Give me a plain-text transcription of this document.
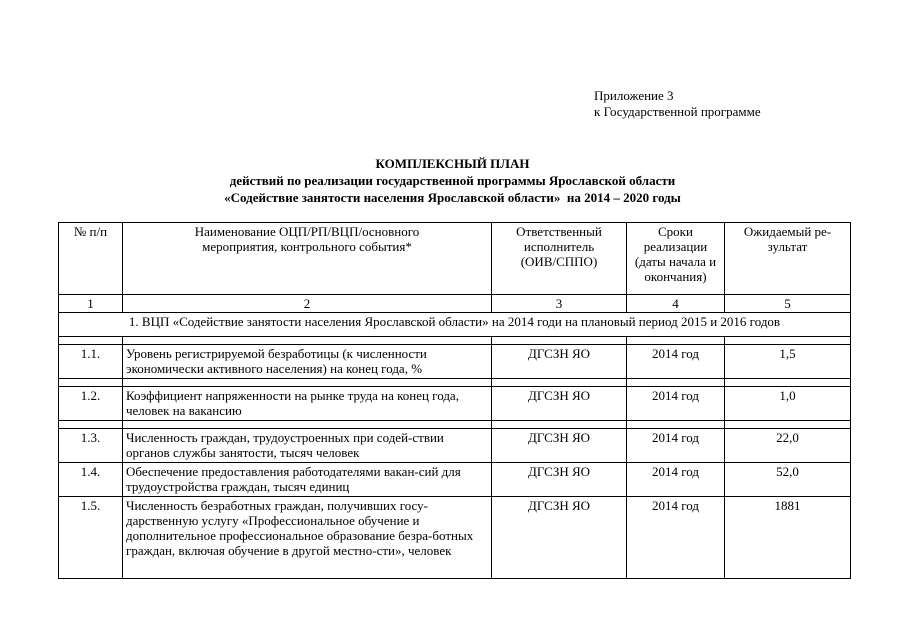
Приложение 3
к Государственной программе
КОМПЛЕКСНЫЙ ПЛАН
действий по реализации государственной программы Ярославской области
«Содействие занятости населения Ярославской области»  на 2014 – 2020 годы
№ п/п	Наименование ОЦП/РП/ВЦП/основного мероприятия, контрольного события*	Ответственный исполнитель (ОИВ/СППО)	Сроки реализации (даты начала и окончания)	Ожидаемый ре-зультат
1	2	3	4	5
1. ВЦП «Содействие занятости населения Ярославской области» на 2014 годи на плановый период 2015 и 2016 годов				

1.1.	Уровень регистрируемой безработицы (к численности экономически активного населения) на конец года, %	ДГСЗН ЯО	2014 год	1,5

1.2.	Коэффициент напряженности на рынке труда на конец года, человек на вакансию	ДГСЗН ЯО	2014 год	1,0

1.3.	Численность граждан, трудоустроенных при содей-ствии органов службы занятости, тысяч человек	ДГСЗН ЯО	2014 год	22,0
1.4.	Обеспечение предоставления работодателями вакан-сий для трудоустройства граждан, тысяч единиц	ДГСЗН ЯО	2014 год	52,0
1.5.	Численность безработных граждан, получивших госу-дарственную услугу «Профессиональное обучение и дополнительное профессиональное образование безра-ботных граждан, включая обучение в другой местно-сти», человек	ДГСЗН ЯО	2014 год	1881
